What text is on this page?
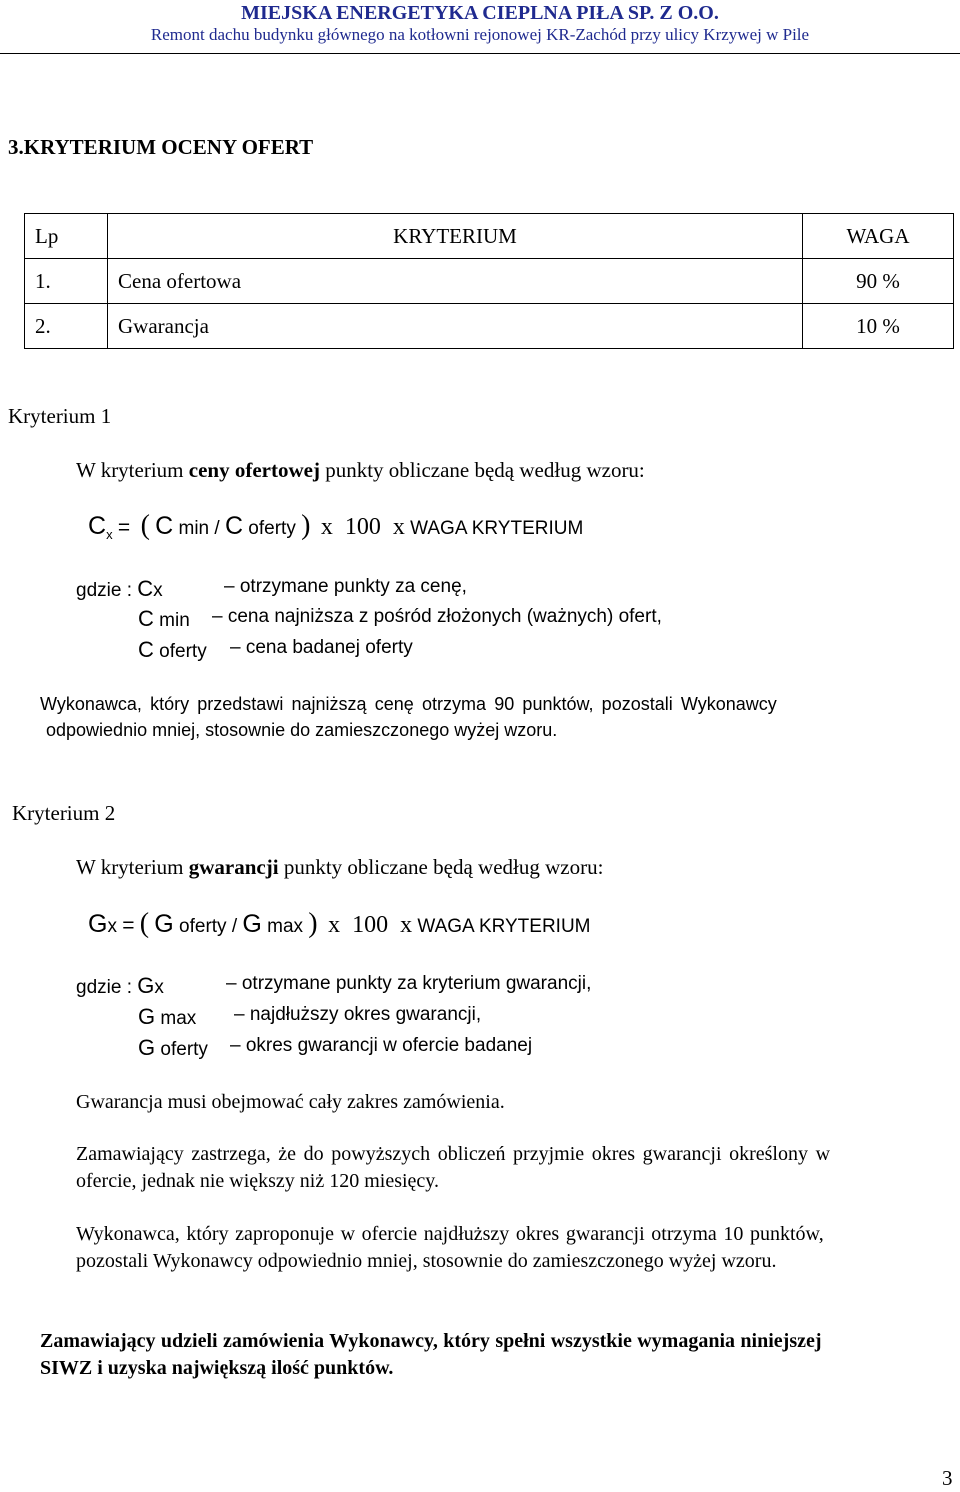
MIEJSKA ENERGETYKA CIEPLNA PIŁA SP. Z O.O.
Remont dachu budynku głównego na kotłowni rejonowej KR-Zachód przy ulicy Krzywej w Pile
3.KRYTERIUM OCENY OFERT
Lp	KRYTERIUM	WAGA
1.	Cena ofertowa	90 %
2.	Gwarancja	10 %
Kryterium 1
W kryterium ceny ofertowej punkty obliczane będą według wzoru:
$C_x$ = ( C min / C oferty ) x  100  x WAGA KRYTERIUM
gdzie : Cx	– otrzymane punkty za cenę,
C min – cena najniższa z pośród złożonych (ważnych) ofert,
C oferty – cena badanej oferty
Wykonawca, który przedstawi najniższą cenę otrzyma 90 punktów, pozostali Wykonawcy
odpowiednio mniej, stosownie do zamieszczonego wyżej wzoru.
Kryterium 2
W kryterium gwarancji punkty obliczane będą według wzoru:
Gx = ( G oferty / G max ) x  100  x WAGA KRYTERIUM
gdzie : Gx	– otrzymane punkty za kryterium gwarancji,
G max – najdłuższy okres gwarancji,
G oferty – okres gwarancji w ofercie badanej
Gwarancja musi obejmować cały zakres zamówienia.
Zamawiający zastrzega, że do powyższych obliczeń przyjmie okres gwarancji określony w
ofercie, jednak nie większy niż 120 miesięcy.
Wykonawca, który zaproponuje w ofercie najdłuższy okres gwarancji otrzyma 10 punktów,
pozostali Wykonawcy odpowiednio mniej, stosownie do zamieszczonego wyżej wzoru.
Zamawiający udzieli zamówienia Wykonawcy, który spełni wszystkie wymagania niniejszej
SIWZ i uzyska największą ilość punktów.
3
